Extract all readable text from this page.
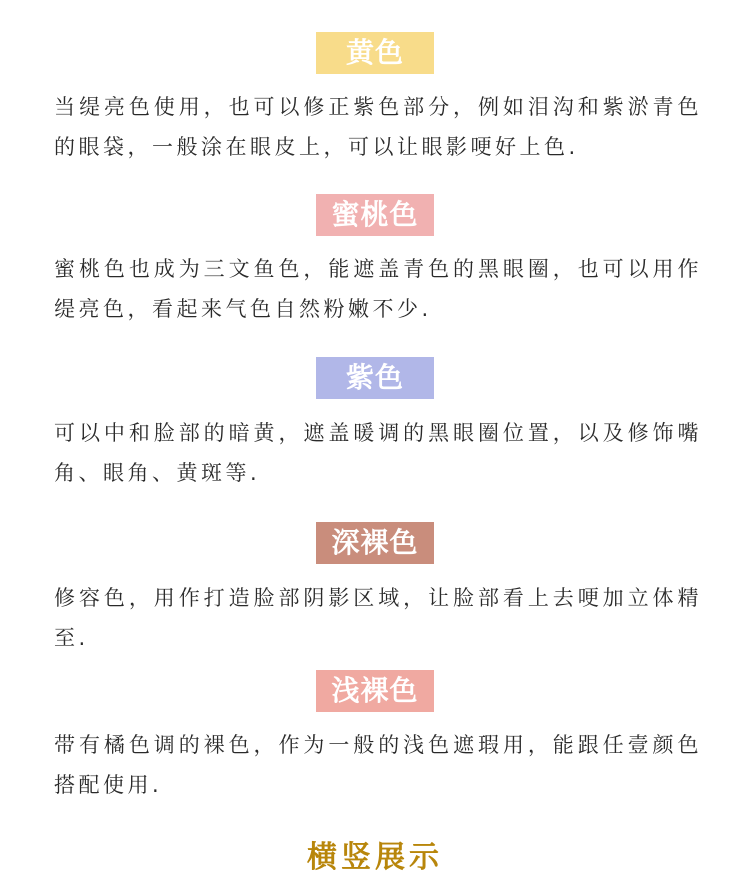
黄色

当缇亮色使用，也可以修正紫色部分，例如泪沟和紫淤青色的眼袋，一般涂在眼皮上，可以让眼影哽好上色.

蜜桃色

蜜桃色也成为三文鱼色，能遮盖青色的黑眼圈，也可以用作缇亮色，看起来气色自然粉嫩不少.

紫色

可以中和脸部的暗黄，遮盖暖调的黑眼圈位置，以及修饰嘴角、眼角、黄斑等.

深裸色

修容色，用作打造脸部阴影区域，让脸部看上去哽加立体精至.

浅裸色

带有橘色调的裸色，作为一般的浅色遮瑕用，能跟任壹颜色搭配使用.

横竖展示
